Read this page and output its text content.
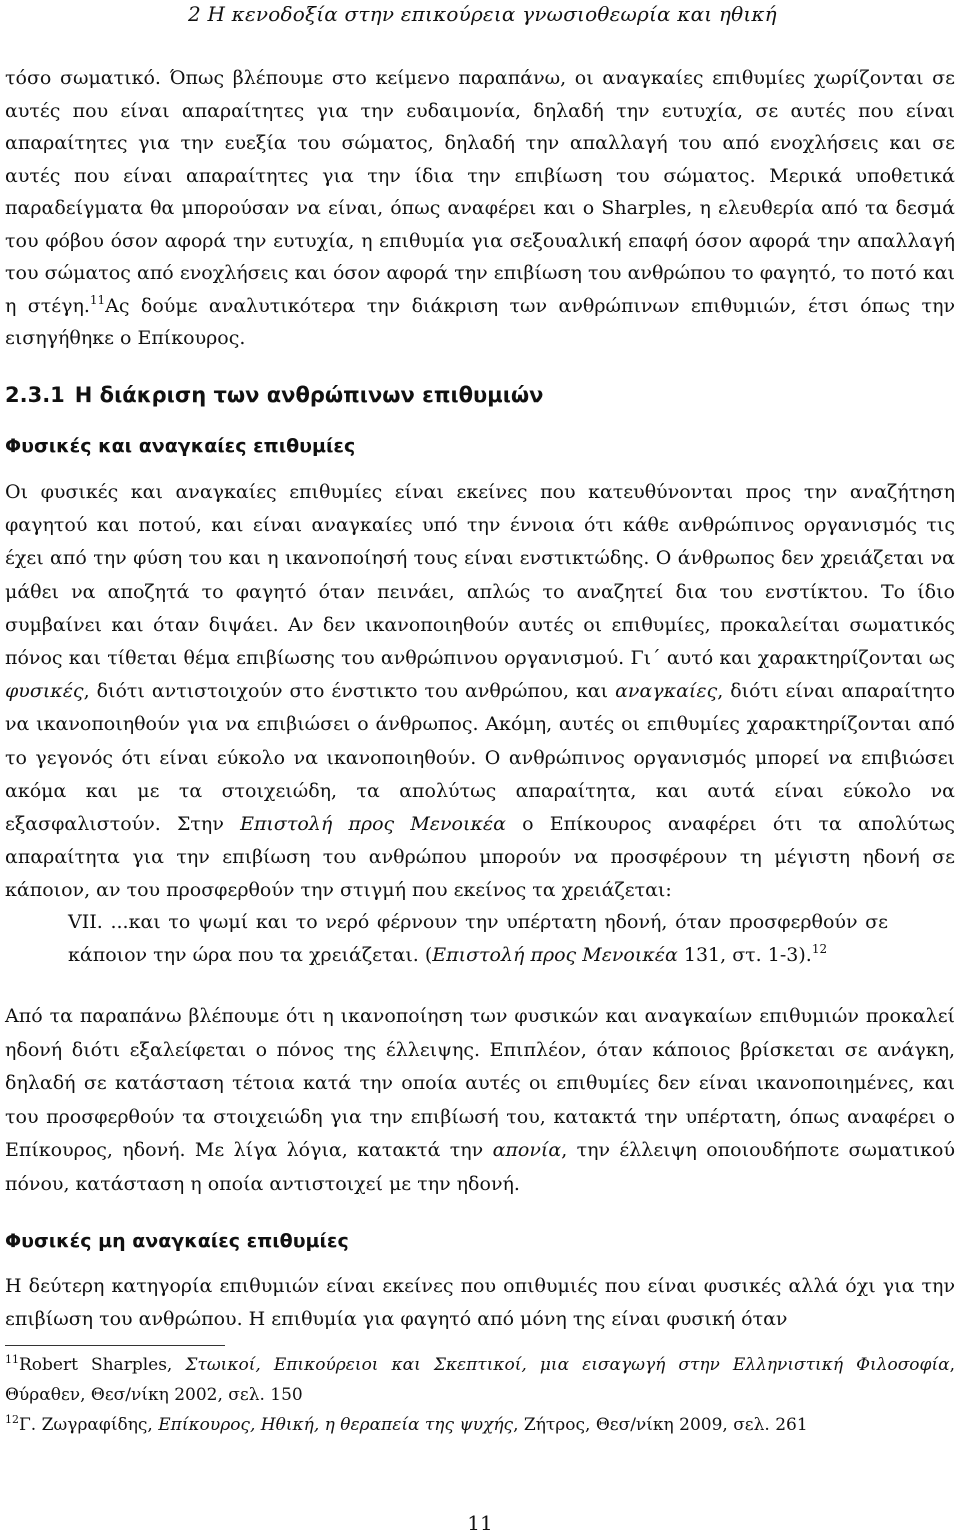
2 Η κενοδοξία στην επικούρεια γνωσιοθεωρία και ηθική
τόσο σωματικό. Όπως βλέπουμε στο κείμενο παραπάνω, οι αναγκαίες επιθυμίες χωρίζονται σε αυτές που είναι απαραίτητες για την ευδαιμονία, δηλαδή την ευτυχία, σε αυτές που είναι απαραίτητες για την ευεξία του σώματος, δηλαδή την απαλλαγή του από ενοχλήσεις και σε αυτές που είναι απαραίτητες για την ίδια την επιβίωση του σώματος. Μερικά υποθετικά παραδείγματα θα μπορούσαν να είναι, όπως αναφέρει και ο Sharples, η ελευθερία από τα δεσμά του φόβου όσον αφορά την ευτυχία, η επιθυμία για σεξουαλική επαφή όσον αφορά την απαλλαγή του σώματος από ενοχλήσεις και όσον αφορά την επιβίωση του ανθρώπου το φαγητό, το ποτό και η στέγη.$^{11}$Ας δούμε αναλυτικότερα την διάκριση των ανθρώπινων επιθυμιών, έτσι όπως την εισηγήθηκε ο Επίκουρος.
2.3.1 Η διάκριση των ανθρώπινων επιθυμιών
Φυσικές και αναγκαίες επιθυμίες
Οι φυσικές και αναγκαίες επιθυμίες είναι εκείνες που κατευθύνονται προς την αναζήτηση φαγητού και ποτού, και είναι αναγκαίες υπό την έννοια ότι κάθε ανθρώπινος οργανισμός τις έχει από την φύση του και η ικανοποίησή τους είναι ενστικτώδης. Ο άνθρωπος δεν χρειάζεται να μάθει να αποζητά το φαγητό όταν πεινάει, απλώς το αναζητεί δια του ενστίκτου. Το ίδιο συμβαίνει και όταν διψάει. Αν δεν ικανοποιηθούν αυτές οι επιθυμίες, προκαλείται σωματικός πόνος και τίθεται θέμα επιβίωσης του ανθρώπινου οργανισμού. Γι΄ αυτό και χαρακτηρίζονται ως φυσικές, διότι αντιστοιχούν στο ένστικτο του ανθρώπου, και αναγκαίες, διότι είναι απαραίτητο να ικανοποιηθούν για να επιβιώσει ο άνθρωπος. Ακόμη, αυτές οι επιθυμίες χαρακτηρίζονται από το γεγονός ότι είναι εύκολο να ικανοποιηθούν. Ο ανθρώπινος οργανισμός μπορεί να επιβιώσει ακόμα και με τα στοιχειώδη, τα απολύτως απαραίτητα, και αυτά είναι εύκολο να εξασφαλιστούν. Στην Επιστολή προς Μενοικέα ο Επίκουρος αναφέρει ότι τα απολύτως απαραίτητα για την επιβίωση του ανθρώπου μπορούν να προσφέρουν τη μέγιστη ηδονή σε κάποιον, αν του προσφερθούν την στιγμή που εκείνος τα χρειάζεται:
VII. ...και το ψωμί και το νερό φέρνουν την υπέρτατη ηδονή, όταν προσφερθούν σε κάποιον την ώρα που τα χρειάζεται. (Επιστολή προς Μενοικέα 131, στ. 1-3).$^{12}$
Από τα παραπάνω βλέπουμε ότι η ικανοποίηση των φυσικών και αναγκαίων επιθυμιών προκαλεί ηδονή διότι εξαλείφεται ο πόνος της έλλειψης. Επιπλέον, όταν κάποιος βρίσκεται σε ανάγκη, δηλαδή σε κατάσταση τέτοια κατά την οποία αυτές οι επιθυμίες δεν είναι ικανοποιημένες, και του προσφερθούν τα στοιχειώδη για την επιβίωσή του, κατακτά την υπέρτατη, όπως αναφέρει ο Επίκουρος, ηδονή. Με λίγα λόγια, κατακτά την απονία, την έλλειψη οποιουδήποτε σωματικού πόνου, κατάσταση η οποία αντιστοιχεί με την ηδονή.
Φυσικές μη αναγκαίες επιθυμίες
Η δεύτερη κατηγορία επιθυμιών είναι εκείνες που οπιθυμιές που είναι φυσικές αλλά όχι για την επιβίωση του ανθρώπου. Η επιθυμία για φαγητό από μόνη της είναι φυσική όταν
$^{11}$Robert Sharples, Στωικοί, Επικούρειοι και Σκεπτικοί, μια εισαγωγή στην Ελληνιστική Φιλοσοφία, Θύραθεν, Θεσ/νίκη 2002, σελ. 150
$^{12}$Γ. Ζωγραφίδης, Επίκουρος, Ηθική, η θεραπεία της ψυχής, Ζήτρος, Θεσ/νίκη 2009, σελ. 261
11
